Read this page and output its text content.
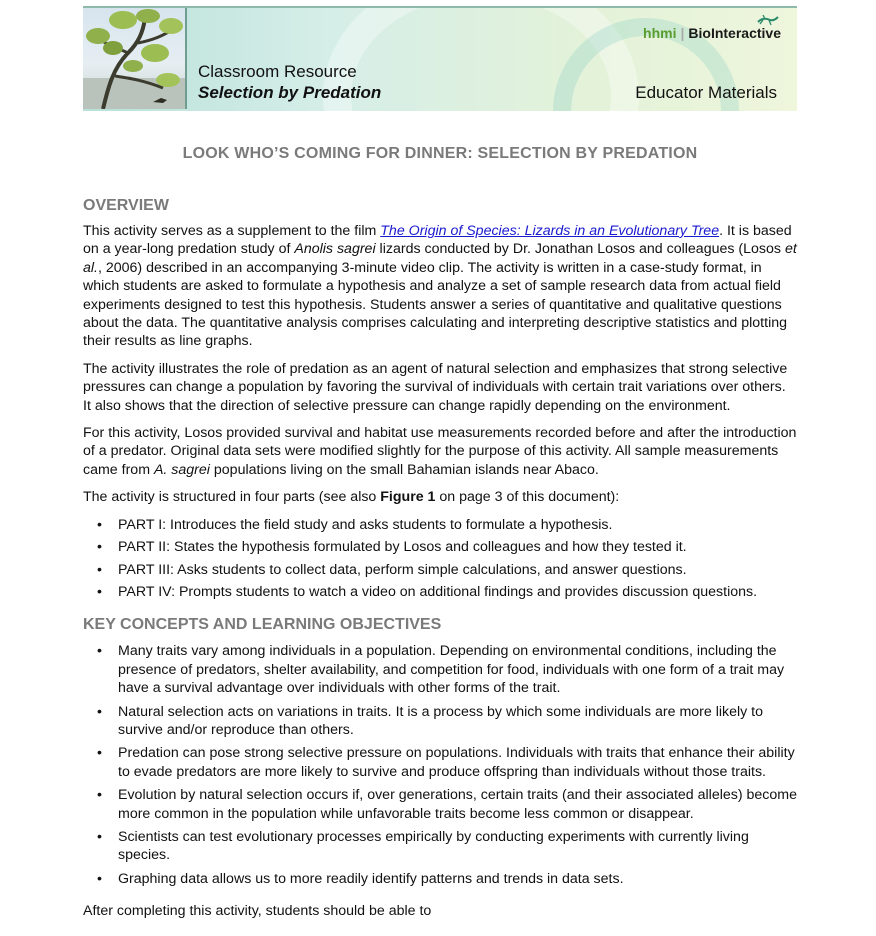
hhmi | BioInteractive
Classroom Resource
Selection by Predation	Educator Materials
LOOK WHO’S COMING FOR DINNER: SELECTION BY PREDATION
OVERVIEW

This activity serves as a supplement to the film The Origin of Species: Lizards in an Evolutionary Tree. It is based on a year-long predation study of Anolis sagrei lizards conducted by Dr. Jonathan Losos and colleagues (Losos et al., 2006) described in an accompanying 3-minute video clip. The activity is written in a case-study format, in which students are asked to formulate a hypothesis and analyze a set of sample research data from actual field experiments designed to test this hypothesis. Students answer a series of quantitative and qualitative questions about the data. The quantitative analysis comprises calculating and interpreting descriptive statistics and plotting their results as line graphs.

The activity illustrates the role of predation as an agent of natural selection and emphasizes that strong selective pressures can change a population by favoring the survival of individuals with certain trait variations over others. It also shows that the direction of selective pressure can change rapidly depending on the environment.

For this activity, Losos provided survival and habitat use measurements recorded before and after the introduction of a predator. Original data sets were modified slightly for the purpose of this activity. All sample measurements came from A. sagrei populations living on the small Bahamian islands near Abaco.

The activity is structured in four parts (see also Figure 1 on page 3 of this document):

• PART I: Introduces the field study and asks students to formulate a hypothesis.
• PART II: States the hypothesis formulated by Losos and colleagues and how they tested it.
• PART III: Asks students to collect data, perform simple calculations, and answer questions.
• PART IV: Prompts students to watch a video on additional findings and provides discussion questions.
KEY CONCEPTS AND LEARNING OBJECTIVES
• Many traits vary among individuals in a population. Depending on environmental conditions, including the presence of predators, shelter availability, and competition for food, individuals with one form of a trait may have a survival advantage over individuals with other forms of the trait.
• Natural selection acts on variations in traits. It is a process by which some individuals are more likely to survive and/or reproduce than others.
• Predation can pose strong selective pressure on populations. Individuals with traits that enhance their ability to evade predators are more likely to survive and produce offspring than individuals without those traits.
• Evolution by natural selection occurs if, over generations, certain traits (and their associated alleles) become more common in the population while unfavorable traits become less common or disappear.
• Scientists can test evolutionary processes empirically by conducting experiments with currently living species.
• Graphing data allows us to more readily identify patterns and trends in data sets.

After completing this activity, students should be able to
